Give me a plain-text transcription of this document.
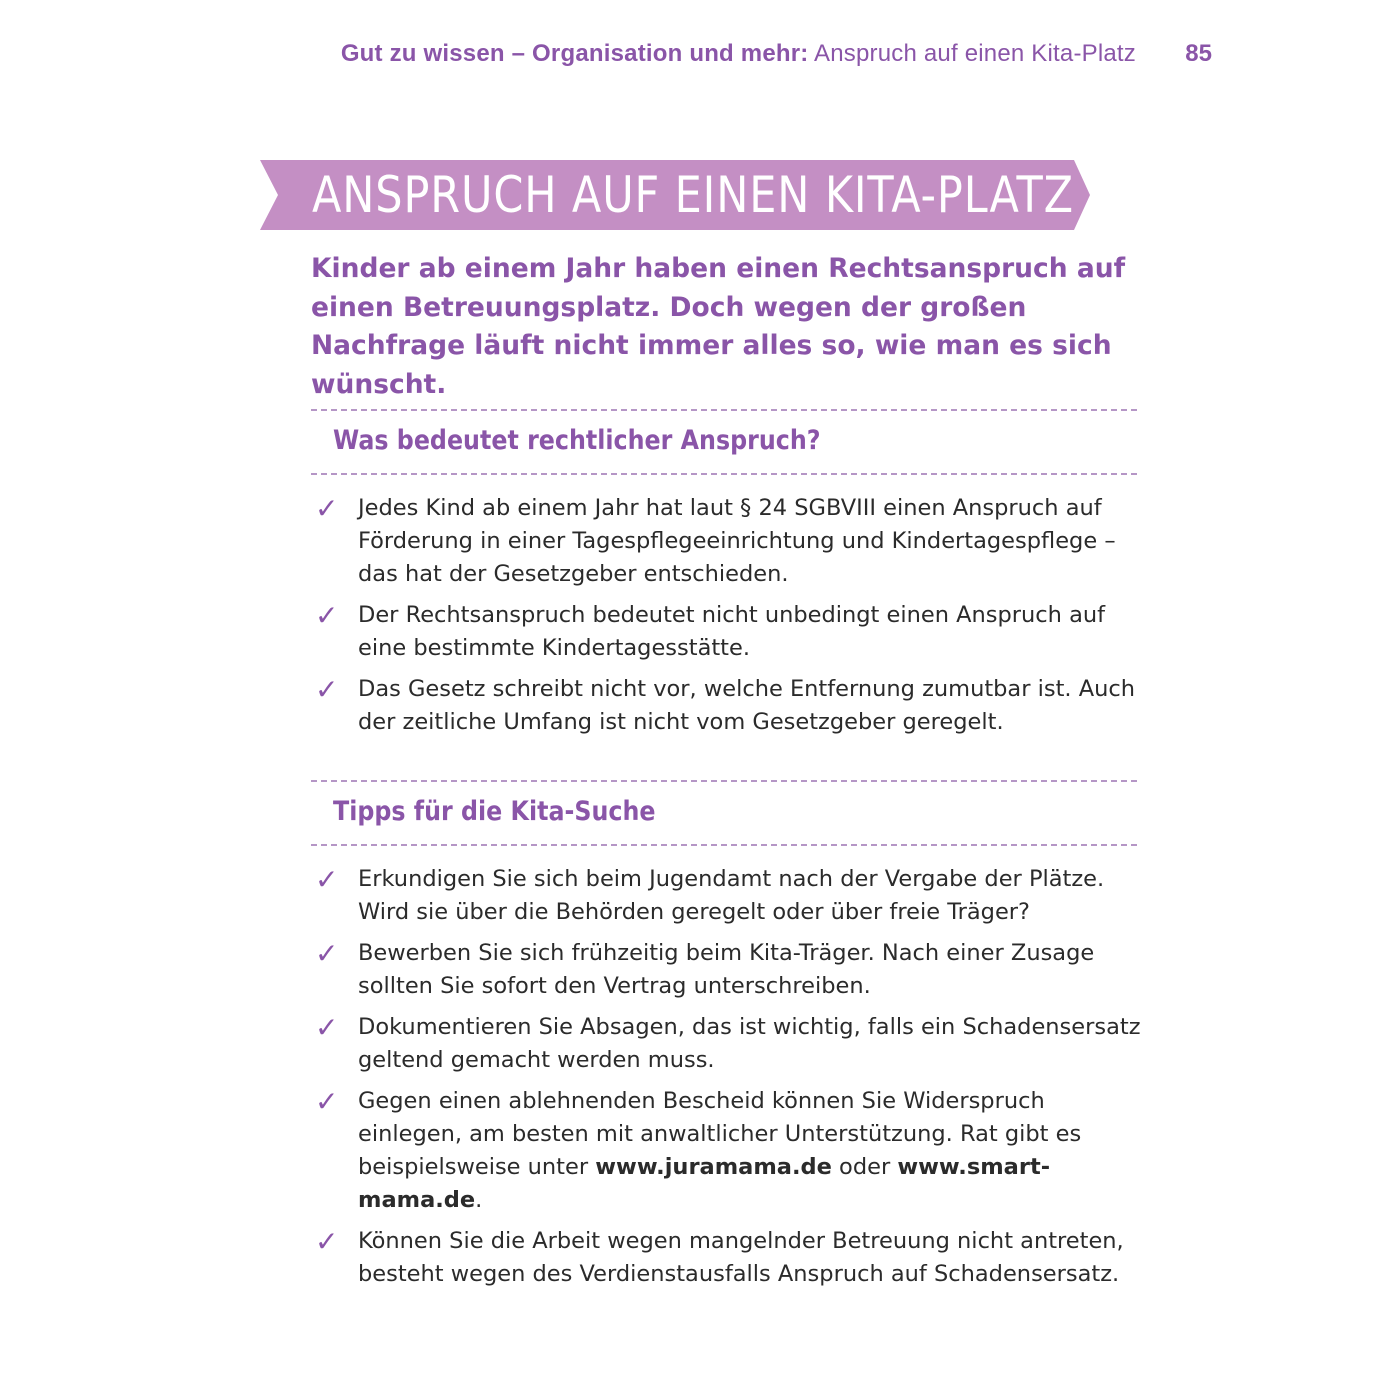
Gut zu wissen – Organisation und mehr: Anspruch auf einen Kita-Platz	85
ANSPRUCH AUF EINEN KITA-PLATZ

Kinder ab einem Jahr haben einen Rechtsanspruch auf einen Betreuungsplatz. Doch wegen der großen Nachfrage läuft nicht immer alles so, wie man es sich wünscht.

Was bedeutet rechtlicher Anspruch?
✓ Jedes Kind ab einem Jahr hat laut § 24 SGBVIII einen Anspruch auf Förderung in einer Tagespflegeeinrichtung und Kindertagespflege – das hat der Gesetzgeber entschieden.
✓ Der Rechtsanspruch bedeutet nicht unbedingt einen Anspruch auf eine bestimmte Kindertagesstätte.
✓ Das Gesetz schreibt nicht vor, welche Entfernung zumutbar ist. Auch der zeitliche Umfang ist nicht vom Gesetzgeber geregelt.
Tipps für die Kita-Suche
✓ Erkundigen Sie sich beim Jugendamt nach der Vergabe der Plätze. Wird sie über die Behörden geregelt oder über freie Träger?
✓ Bewerben Sie sich frühzeitig beim Kita-Träger. Nach einer Zusage sollten Sie sofort den Vertrag unterschreiben.
✓ Dokumentieren Sie Absagen, das ist wichtig, falls ein Schadensersatz geltend gemacht werden muss.
✓ Gegen einen ablehnenden Bescheid können Sie Widerspruch einlegen, am besten mit anwaltlicher Unterstützung. Rat gibt es beispielsweise unter www.juramama.de oder www.smart-mama.de.
✓ Können Sie die Arbeit wegen mangelnder Betreuung nicht antreten, besteht wegen des Verdienstausfalls Anspruch auf Schadensersatz.
